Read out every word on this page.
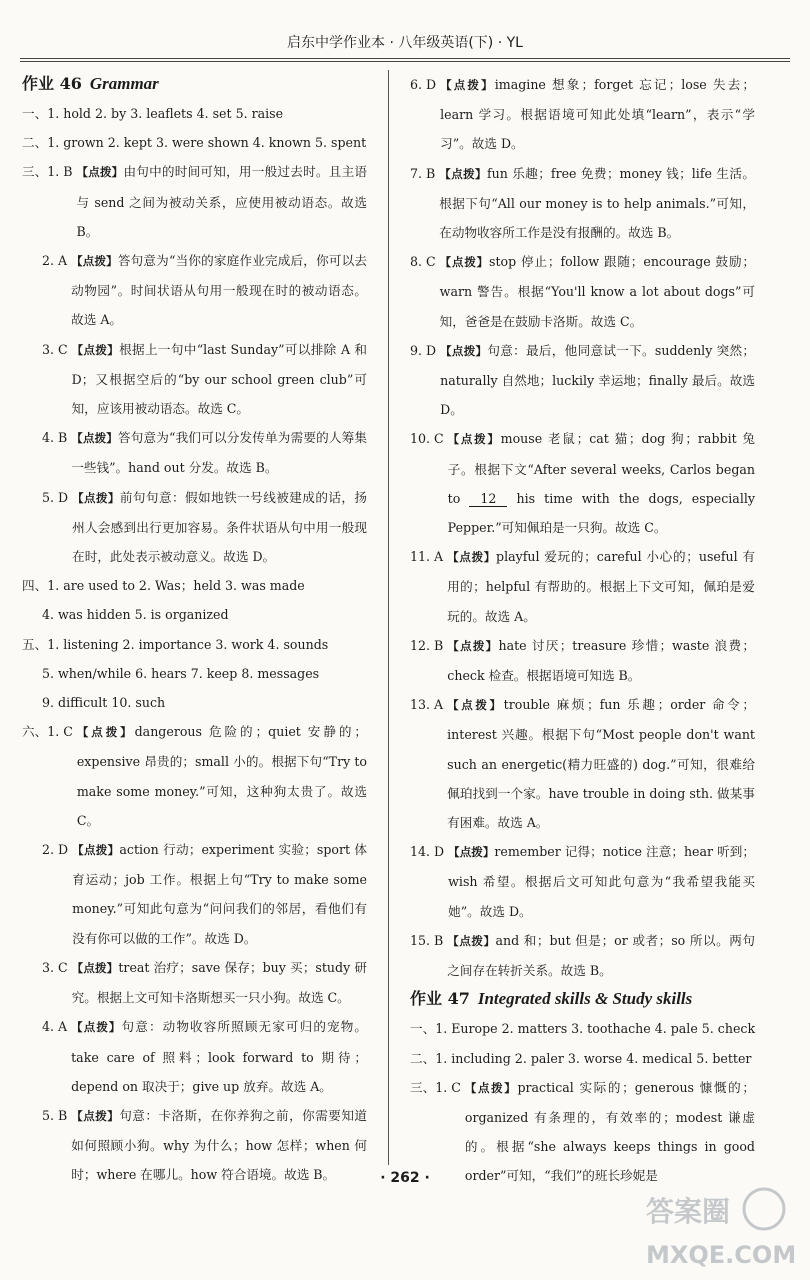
启东中学作业本 · 八年级英语(下) · YL
作业 46 Grammar
一、1. hold 2. by 3. leaflets 4. set 5. raise
二、1. grown 2. kept 3. were shown 4. known 5. spent
三、1. B 【点拨】由句中的时间可知，用一般过去时。且主语与 send 之间为被动关系，应使用被动语态。故选 B。
2. A 【点拨】答句意为“当你的家庭作业完成后，你可以去动物园”。时间状语从句用一般现在时的被动语态。故选 A。
3. C 【点拨】根据上一句中“last Sunday”可以排除 A 和 D；又根据空后的“by our school green club”可知，应该用被动语态。故选 C。
4. B 【点拨】答句意为“我们可以分发传单为需要的人筹集一些钱”。hand out 分发。故选 B。
5. D 【点拨】前句句意：假如地铁一号线被建成的话，扬州人会感到出行更加容易。条件状语从句中用一般现在时，此处表示被动意义。故选 D。
四、1. are used to 2. Was；held 3. was made
4. was hidden 5. is organized
五、1. listening 2. importance 3. work 4. sounds
5. when/while 6. hears 7. keep 8. messages
9. difficult 10. such
六、1. C 【点拨】dangerous 危险的；quiet 安静的；expensive 昂贵的；small 小的。根据下句“Try to make some money.”可知，这种狗太贵了。故选 C。
2. D 【点拨】action 行动；experiment 实验；sport 体育运动；job 工作。根据上句“Try to make some money.”可知此句意为“问问我们的邻居，看他们有没有你可以做的工作”。故选 D。
3. C 【点拨】treat 治疗；save 保存；buy 买；study 研究。根据上文可知卡洛斯想买一只小狗。故选 C。
4. A 【点拨】句意：动物收容所照顾无家可归的宠物。take care of 照料；look forward to 期待；depend on 取决于；give up 放弃。故选 A。
5. B 【点拨】句意：卡洛斯，在你养狗之前，你需要知道如何照顾小狗。why 为什么；how 怎样；when 何时；where 在哪儿。how 符合语境。故选 B。
6. D 【点拨】imagine 想象；forget 忘记；lose 失去；learn 学习。根据语境可知此处填“learn”，表示“学习”。故选 D。
7. B 【点拨】fun 乐趣；free 免费；money 钱；life 生活。根据下句“All our money is to help animals.”可知，在动物收容所工作是没有报酬的。故选 B。
8. C 【点拨】stop 停止；follow 跟随；encourage 鼓励；warn 警告。根据“You'll know a lot about dogs”可知，爸爸是在鼓励卡洛斯。故选 C。
9. D 【点拨】句意：最后，他同意试一下。suddenly 突然；naturally 自然地；luckily 幸运地；finally 最后。故选 D。
10. C 【点拨】mouse 老鼠；cat 猫；dog 狗；rabbit 兔子。根据下文“After several weeks, Carlos began to 12 his time with the dogs, especially Pepper.”可知佩珀是一只狗。故选 C。
11. A 【点拨】playful 爱玩的；careful 小心的；useful 有用的；helpful 有帮助的。根据上下文可知，佩珀是爱玩的。故选 A。
12. B 【点拨】hate 讨厌；treasure 珍惜；waste 浪费；check 检查。根据语境可知选 B。
13. A 【点拨】trouble 麻烦；fun 乐趣；order 命令；interest 兴趣。根据下句“Most people don't want such an energetic(精力旺盛的) dog.”可知，很难给佩珀找到一个家。have trouble in doing sth. 做某事有困难。故选 A。
14. D 【点拨】remember 记得；notice 注意；hear 听到；wish 希望。根据后文可知此句意为“我希望我能买她”。故选 D。
15. B 【点拨】and 和；but 但是；or 或者；so 所以。两句之间存在转折关系。故选 B。
作业 47 Integrated skills & Study skills
一、1. Europe 2. matters 3. toothache 4. pale 5. check
二、1. including 2. paler 3. worse 4. medical 5. better
三、1. C 【点拨】practical 实际的；generous 慷慨的；organized 有条理的，有效率的；modest 谦虚的。根据“she always keeps things in good order”可知，“我们”的班长珍妮是
· 262 ·
答案圈
MXQE.COM
